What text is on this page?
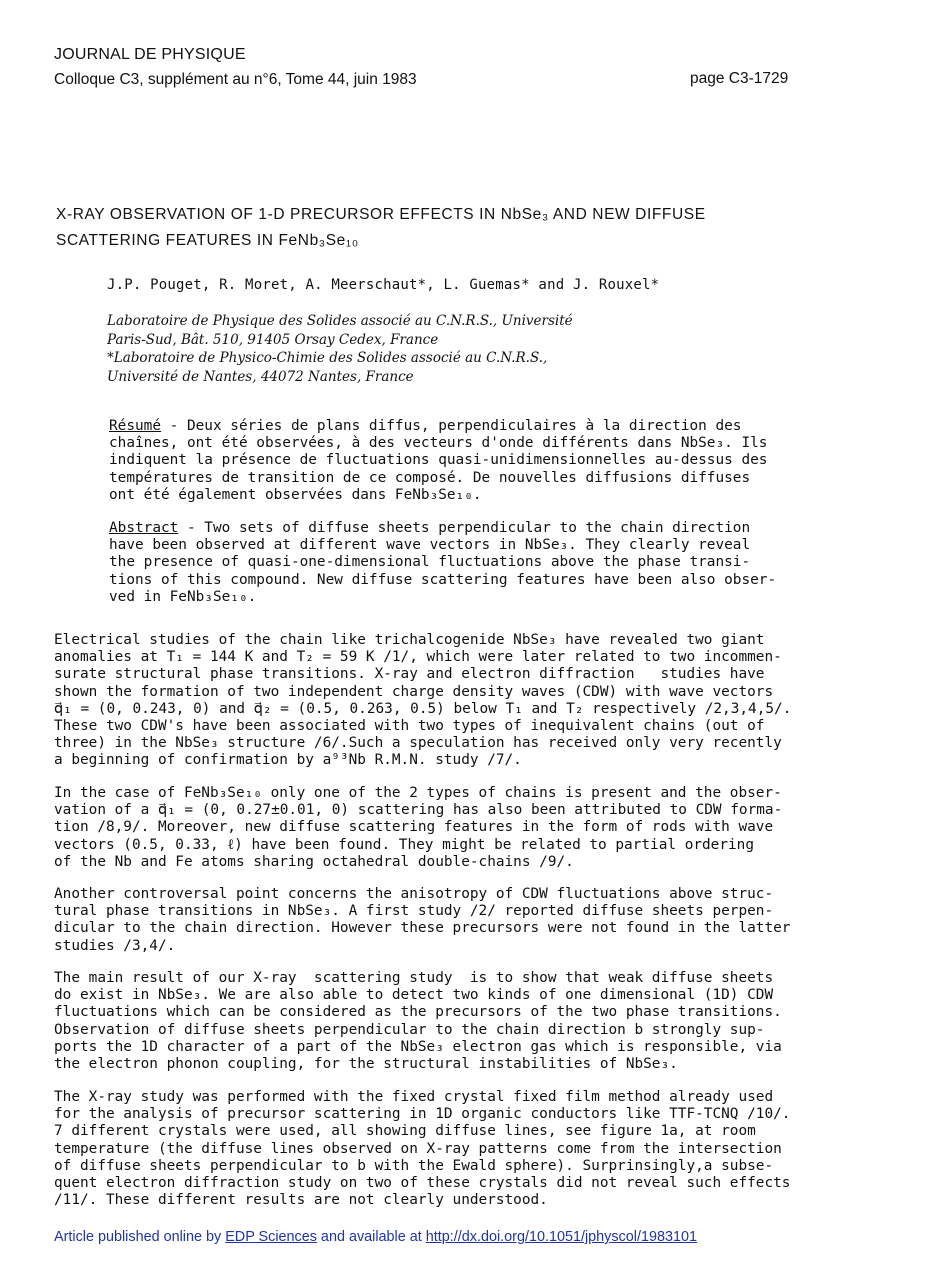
JOURNAL DE PHYSIQUE
Colloque C3, supplément au n°6, Tome 44, juin 1983	page C3-1729
X-RAY OBSERVATION OF 1-D PRECURSOR EFFECTS IN NbSe₃ AND NEW DIFFUSE
SCATTERING FEATURES IN FeNb₃Se₁₀
J.P. Pouget, R. Moret, A. Meerschaut*, L. Guemas* and J. Rouxel*
Laboratoire de Physique des Solides associé au C.N.R.S., Université
Paris-Sud, Bât. 510, 91405 Orsay Cedex, France
*Laboratoire de Physico-Chimie des Solides associé au C.N.R.S.,
Université de Nantes, 44072 Nantes, France
Résumé - Deux séries de plans diffus, perpendiculaires à la direction des
chaînes, ont été observées, à des vecteurs d'onde différents dans NbSe₃. Ils
indiquent la présence de fluctuations quasi-unidimensionnelles au-dessus des
températures de transition de ce composé. De nouvelles diffusions diffuses
ont été également observées dans FeNb₃Se₁₀.
Abstract - Two sets of diffuse sheets perpendicular to the chain direction
have been observed at different wave vectors in NbSe₃. They clearly reveal
the presence of quasi-one-dimensional fluctuations above the phase transi-
tions of this compound. New diffuse scattering features have been also obser-
ved in FeNb₃Se₁₀.
Electrical studies of the chain like trichalcogenide NbSe₃ have revealed two giant
anomalies at T₁ = 144 K and T₂ = 59 K /1/, which were later related to two incommen-
surate structural phase transitions. X-ray and electron diffraction   studies have
shown the formation of two independent charge density waves (CDW) with wave vectors
q⃗₁ = (0, 0.243, 0) and q⃗₂ = (0.5, 0.263, 0.5) below T₁ and T₂ respectively /2,3,4,5/.
These two CDW's have been associated with two types of inequivalent chains (out of
three) in the NbSe₃ structure /6/.Such a speculation has received only very recently
a beginning of confirmation by a⁹³Nb R.M.N. study /7/.
In the case of FeNb₃Se₁₀ only one of the 2 types of chains is present and the obser-
vation of a q⃗₁ = (0, 0.27±0.01, 0) scattering has also been attributed to CDW forma-
tion /8,9/. Moreover, new diffuse scattering features in the form of rods with wave
vectors (0.5, 0.33, ℓ) have been found. They might be related to partial ordering
of the Nb and Fe atoms sharing octahedral double-chains /9/.
Another controversal point concerns the anisotropy of CDW fluctuations above struc-
tural phase transitions in NbSe₃. A first study /2/ reported diffuse sheets perpen-
dicular to the chain direction. However these precursors were not found in the latter
studies /3,4/.
The main result of our X-ray  scattering study  is to show that weak diffuse sheets
do exist in NbSe₃. We are also able to detect two kinds of one dimensional (1D) CDW
fluctuations which can be considered as the precursors of the two phase transitions.
Observation of diffuse sheets perpendicular to the chain direction b strongly sup-
ports the 1D character of a part of the NbSe₃ electron gas which is responsible, via
the electron phonon coupling, for the structural instabilities of NbSe₃.
The X-ray study was performed with the fixed crystal fixed film method already used
for the analysis of precursor scattering in 1D organic conductors like TTF-TCNQ /10/.
7 different crystals were used, all showing diffuse lines, see figure 1a, at room
temperature (the diffuse lines observed on X-ray patterns come from the intersection
of diffuse sheets perpendicular to b with the Ewald sphere). Surprinsingly,a subse-
quent electron diffraction study on two of these crystals did not reveal such effects
/11/. These different results are not clearly understood.
Article published online by EDP Sciences and available at http://dx.doi.org/10.1051/jphyscol/1983101
